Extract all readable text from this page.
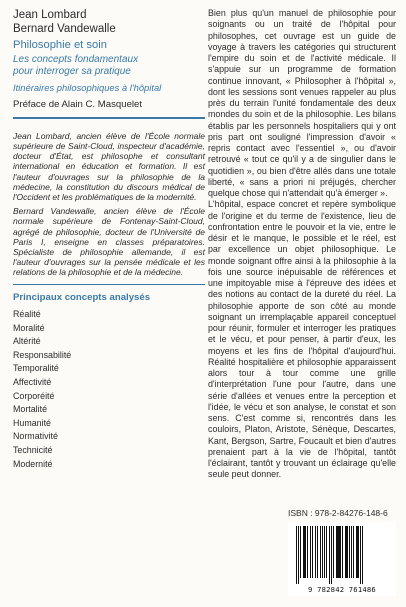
Jean Lombard
Bernard Vandewalle
Philosophie et soin
Les concepts fondamentaux
pour interroger sa pratique
Itinéraires philosophiques à l'hôpital
Préface de Alain C. Masquelet

Jean Lombard, ancien élève de l'École normale supérieure de Saint-Cloud, inspecteur d'académie, docteur d'État, est philosophe et consultant international en éducation et formation. Il est l'auteur d'ouvrages sur la philosophie de la médecine, la constitution du discours médical de l'Occident et les problématiques de la modernité.

Bernard Vandewalle, ancien élève de l'École normale supérieure de Fontenay-Saint-Cloud, agrégé de philosophie, docteur de l'Université de Paris I, enseigne en classes préparatoires. Spécialiste de philosophie allemande, il est l'auteur d'ouvrages sur la pensée médicale et les relations de la philosophie et de la médecine.

Principaux concepts analysés
Réalité
Moralité
Altérité
Responsabilité
Temporalité
Affectivité
Corporéité
Mortalité
Humanité
Normativité
Technicité
Modernité
Bien plus qu'un manuel de philosophie pour soignants ou un traité de l'hôpital pour philosophes, cet ouvrage est un guide de voyage à travers les catégories qui structurent l'empire du soin et de l'activité médicale. Il s'appuie sur un programme de formation continue innovant, « Philosopher à l'hôpital », dont les sessions sont venues rappeler au plus près du terrain l'unité fondamentale des deux mondes du soin et de la philosophie. Les bilans établis par les personnels hospitaliers qui y ont pris part ont souligné l'impression d'avoir « repris contact avec l'essentiel », ou d'avoir retrouvé « tout ce qu'il y a de singulier dans le quotidien », ou bien d'être allés dans une totale liberté, « sans a priori ni préjugés, chercher quelque chose qui n'attendait qu'à émerger ».
L'hôpital, espace concret et repère symbolique de l'origine et du terme de l'existence, lieu de confrontation entre le pouvoir et la vie, entre le désir et le manque, le possible et le réel, est par excellence un objet philosophique. Le monde soignant offre ainsi à la philosophie à la fois une source inépuisable de références et une impitoyable mise à l'épreuve des idées et des notions au contact de la dureté du réel. La philosophie apporte de son côté au monde soignant un irremplaçable appareil conceptuel pour réunir, formuler et interroger les pratiques et le vécu, et pour penser, à partir d'eux, les moyens et les fins de l'hôpital d'aujourd'hui. Réalité hospitalière et philosophie apparaissent alors tour à tour comme une grille d'interprétation l'une pour l'autre, dans une série d'allées et venues entre la perception et l'idée, le vécu et son analyse, le constat et son sens. C'est comme si, rencontrés dans les couloirs, Platon, Aristote, Sénèque, Descartes, Kant, Bergson, Sartre, Foucault et bien d'autres prenaient part à la vie de l'hôpital, tantôt l'éclairant, tantôt y trouvant un éclairage qu'elle seule peut donner.
ISBN : 978-2-84276-148-6
9 782842 761486
